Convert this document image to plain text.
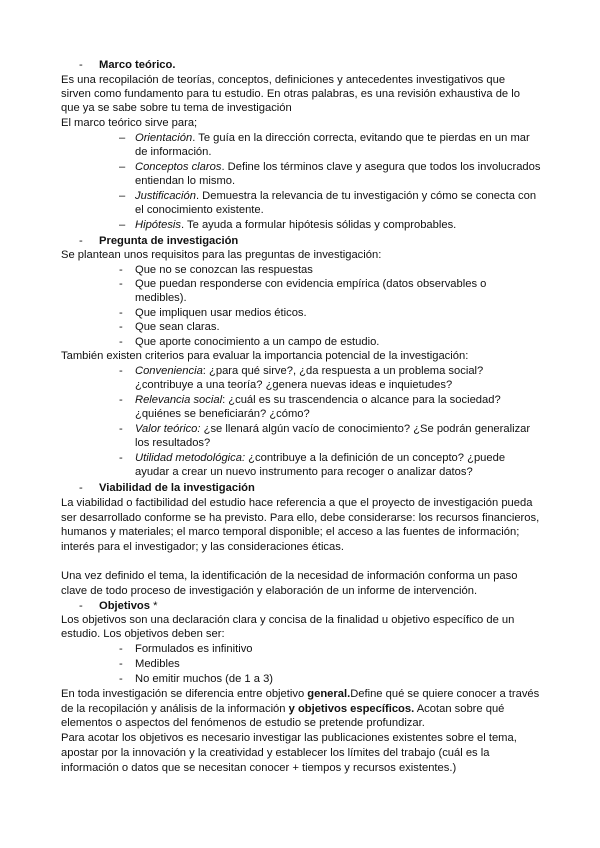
- Marco teórico.
Es una recopilación de teorías, conceptos, definiciones y antecedentes investigativos que
sirven como fundamento para tu estudio. En otras palabras, es una revisión exhaustiva de lo
que ya se sabe sobre tu tema de investigación
El marco teórico sirve para;
– Orientación. Te guía en la dirección correcta, evitando que te pierdas en un mar
de información.
– Conceptos claros. Define los términos clave y asegura que todos los involucrados
entiendan lo mismo.
– Justificación. Demuestra la relevancia de tu investigación y cómo se conecta con
el conocimiento existente.
– Hipótesis. Te ayuda a formular hipótesis sólidas y comprobables.
- Pregunta de investigación
Se plantean unos requisitos para las preguntas de investigación:
- Que no se conozcan las respuestas
- Que puedan responderse con evidencia empírica (datos observables o
medibles).
- Que impliquen usar medios éticos.
- Que sean claras.
- Que aporte conocimiento a un campo de estudio.
También existen criterios para evaluar la importancia potencial de la investigación:
- Conveniencia: ¿para qué sirve?, ¿da respuesta a un problema social?
¿contribuye a una teoría? ¿genera nuevas ideas e inquietudes?
- Relevancia social: ¿cuál es su trascendencia o alcance para la sociedad?
¿quiénes se beneficiarán? ¿cómo?
- Valor teórico: ¿se llenará algún vacío de conocimiento? ¿Se podrán generalizar
los resultados?
- Utilidad metodológica: ¿contribuye a la definición de un concepto? ¿puede
ayudar a crear un nuevo instrumento para recoger o analizar datos?
- Viabilidad de la investigación
La viabilidad o factibilidad del estudio hace referencia a que el proyecto de investigación pueda
ser desarrollado conforme se ha previsto. Para ello, debe considerarse: los recursos financieros,
humanos y materiales; el marco temporal disponible; el acceso a las fuentes de información;
interés para el investigador; y las consideraciones éticas.
Una vez definido el tema, la identificación de la necesidad de información conforma un paso
clave de todo proceso de investigación y elaboración de un informe de intervención.
- Objetivos *
Los objetivos son una declaración clara y concisa de la finalidad u objetivo específico de un
estudio. Los objetivos deben ser:
- Formulados es infinitivo
- Medibles
- No emitir muchos (de 1 a 3)
En toda investigación se diferencia entre objetivo general.Define qué se quiere conocer a través
de la recopilación y análisis de la información y objetivos específicos. Acotan sobre qué
elementos o aspectos del fenómenos de estudio se pretende profundizar.
Para acotar los objetivos es necesario investigar las publicaciones existentes sobre el tema,
apostar por la innovación y la creatividad y establecer los límites del trabajo (cuál es la
información o datos que se necesitan conocer + tiempos y recursos existentes.)
